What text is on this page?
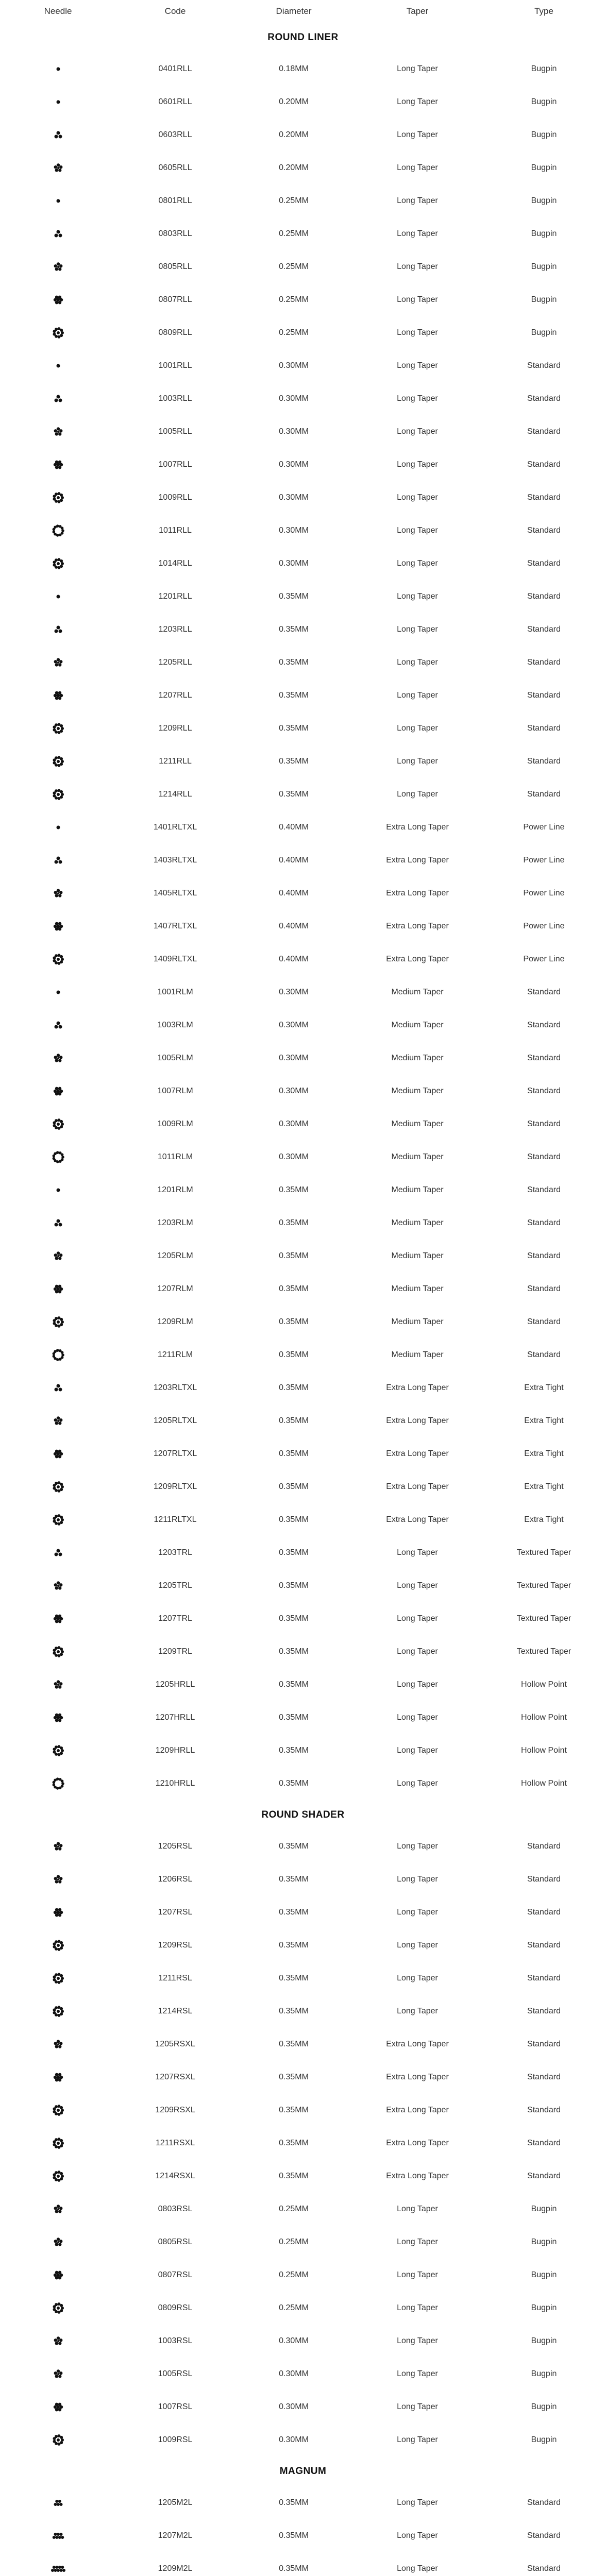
Needle	Code	Diameter	Taper	Type
ROUND LINER
0401RLL	0.18MM	Long Taper	Bugpin
0601RLL	0.20MM	Long Taper	Bugpin
0603RLL	0.20MM	Long Taper	Bugpin
0605RLL	0.20MM	Long Taper	Bugpin
0801RLL	0.25MM	Long Taper	Bugpin
0803RLL	0.25MM	Long Taper	Bugpin
0805RLL	0.25MM	Long Taper	Bugpin
0807RLL	0.25MM	Long Taper	Bugpin
0809RLL	0.25MM	Long Taper	Bugpin
1001RLL	0.30MM	Long Taper	Standard
1003RLL	0.30MM	Long Taper	Standard
1005RLL	0.30MM	Long Taper	Standard
1007RLL	0.30MM	Long Taper	Standard
1009RLL	0.30MM	Long Taper	Standard
1011RLL	0.30MM	Long Taper	Standard
1014RLL	0.30MM	Long Taper	Standard
1201RLL	0.35MM	Long Taper	Standard
1203RLL	0.35MM	Long Taper	Standard
1205RLL	0.35MM	Long Taper	Standard
1207RLL	0.35MM	Long Taper	Standard
1209RLL	0.35MM	Long Taper	Standard
1211RLL	0.35MM	Long Taper	Standard
1214RLL	0.35MM	Long Taper	Standard
1401RLTXL	0.40MM	Extra Long Taper	Power Line
1403RLTXL	0.40MM	Extra Long Taper	Power Line
1405RLTXL	0.40MM	Extra Long Taper	Power Line
1407RLTXL	0.40MM	Extra Long Taper	Power Line
1409RLTXL	0.40MM	Extra Long Taper	Power Line
1001RLM	0.30MM	Medium Taper	Standard
1003RLM	0.30MM	Medium Taper	Standard
1005RLM	0.30MM	Medium Taper	Standard
1007RLM	0.30MM	Medium Taper	Standard
1009RLM	0.30MM	Medium Taper	Standard
1011RLM	0.30MM	Medium Taper	Standard
1201RLM	0.35MM	Medium Taper	Standard
1203RLM	0.35MM	Medium Taper	Standard
1205RLM	0.35MM	Medium Taper	Standard
1207RLM	0.35MM	Medium Taper	Standard
1209RLM	0.35MM	Medium Taper	Standard
1211RLM	0.35MM	Medium Taper	Standard
1203RLTXL	0.35MM	Extra Long Taper	Extra Tight
1205RLTXL	0.35MM	Extra Long Taper	Extra Tight
1207RLTXL	0.35MM	Extra Long Taper	Extra Tight
1209RLTXL	0.35MM	Extra Long Taper	Extra Tight
1211RLTXL	0.35MM	Extra Long Taper	Extra Tight
1203TRL	0.35MM	Long Taper	Textured Taper
1205TRL	0.35MM	Long Taper	Textured Taper
1207TRL	0.35MM	Long Taper	Textured Taper
1209TRL	0.35MM	Long Taper	Textured Taper
1205HRLL	0.35MM	Long Taper	Hollow Point
1207HRLL	0.35MM	Long Taper	Hollow Point
1209HRLL	0.35MM	Long Taper	Hollow Point
1210HRLL	0.35MM	Long Taper	Hollow Point
ROUND SHADER
1205RSL	0.35MM	Long Taper	Standard
1206RSL	0.35MM	Long Taper	Standard
1207RSL	0.35MM	Long Taper	Standard
1209RSL	0.35MM	Long Taper	Standard
1211RSL	0.35MM	Long Taper	Standard
1214RSL	0.35MM	Long Taper	Standard
1205RSXL	0.35MM	Extra Long Taper	Standard
1207RSXL	0.35MM	Extra Long Taper	Standard
1209RSXL	0.35MM	Extra Long Taper	Standard
1211RSXL	0.35MM	Extra Long Taper	Standard
1214RSXL	0.35MM	Extra Long Taper	Standard
0803RSL	0.25MM	Long Taper	Bugpin
0805RSL	0.25MM	Long Taper	Bugpin
0807RSL	0.25MM	Long Taper	Bugpin
0809RSL	0.25MM	Long Taper	Bugpin
1003RSL	0.30MM	Long Taper	Bugpin
1005RSL	0.30MM	Long Taper	Bugpin
1007RSL	0.30MM	Long Taper	Bugpin
1009RSL	0.30MM	Long Taper	Bugpin
MAGNUM
1205M2L	0.35MM	Long Taper	Standard
1207M2L	0.35MM	Long Taper	Standard
1209M2L	0.35MM	Long Taper	Standard
